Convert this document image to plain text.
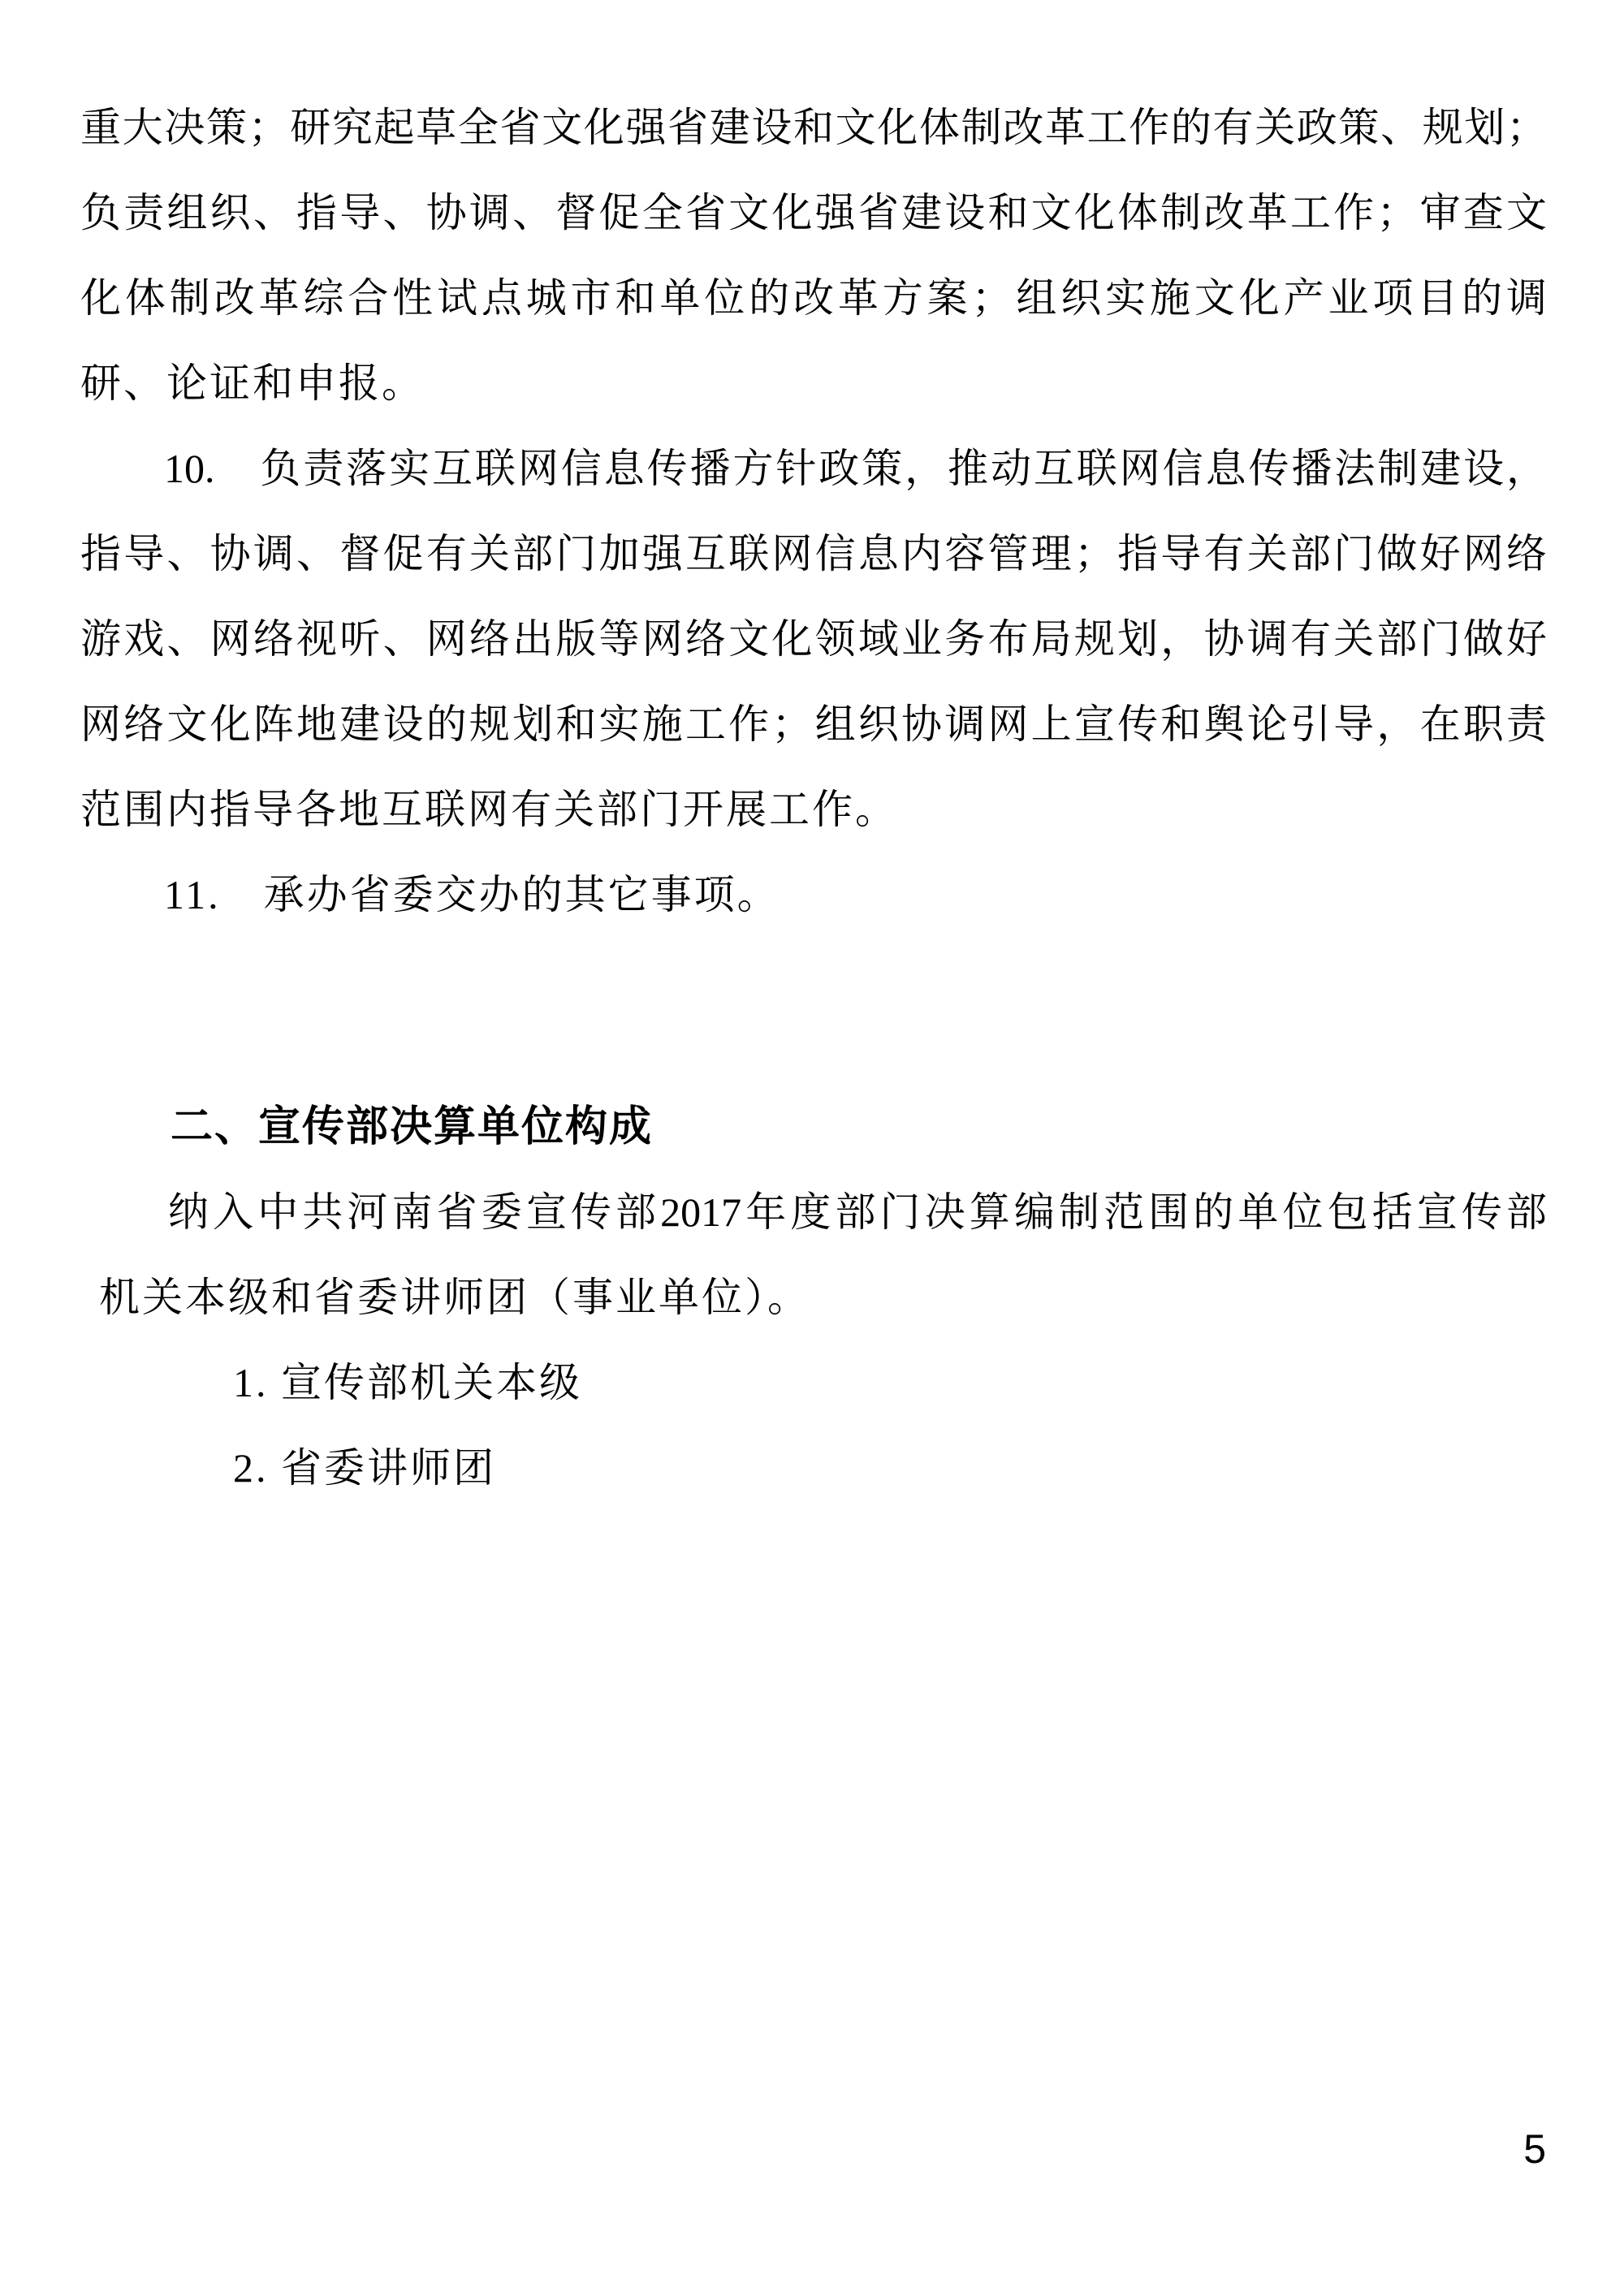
重大决策；研究起草全省文化强省建设和文化体制改革工作的有关政策、规划；
负责组织、指导、协调、督促全省文化强省建设和文化体制改革工作；审查文
化体制改革综合性试点城市和单位的改革方案；组织实施文化产业项目的调
研、论证和申报。
10.　负责落实互联网信息传播方针政策，推动互联网信息传播法制建设，
指导、协调、督促有关部门加强互联网信息内容管理；指导有关部门做好网络
游戏、网络视听、网络出版等网络文化领域业务布局规划，协调有关部门做好
网络文化阵地建设的规划和实施工作；组织协调网上宣传和舆论引导，在职责
范围内指导各地互联网有关部门开展工作。
11.　承办省委交办的其它事项。
二、宣传部决算单位构成
纳入中共河南省委宣传部2017年度部门决算编制范围的单位包括宣传部
机关本级和省委讲师团（事业单位）。
1. 宣传部机关本级
2. 省委讲师团
5
